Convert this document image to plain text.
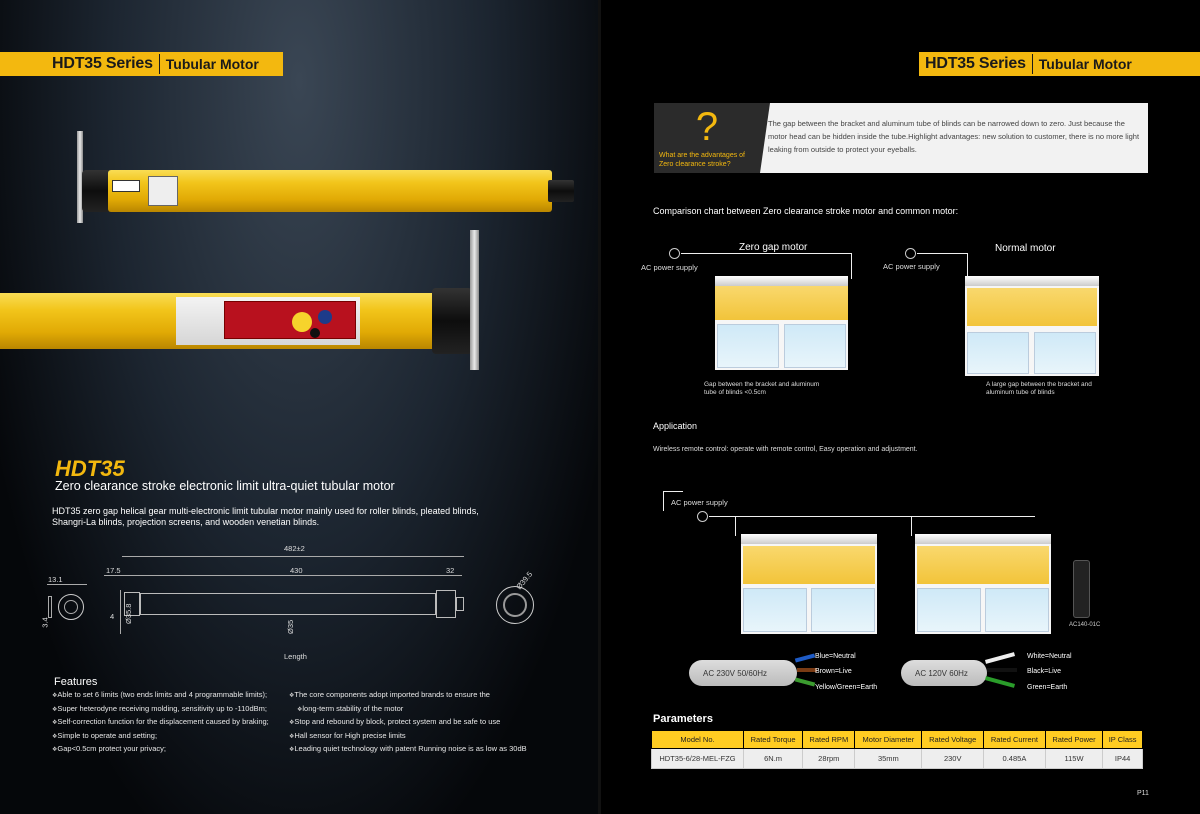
HDT35 Series Tubular Motor
HDT35
Zero clearance stroke electronic limit ultra-quiet tubular motor
HDT35 zero gap helical gear multi-electronic limit tubular motor mainly used for roller blinds, pleated blinds, Shangri-La blinds, projection screens, and wooden venetian blinds.
482±2
17.5	430	32
13.1
3.4
4 Ø35.8
Ø35
Length
Ø39.5
Features
❖ Able to set 6 limits (two ends limits and 4 programmable limits);
❖ Super heterodyne receiving molding, sensitivity up to -110dBm;
❖ Self-correction function for the displacement caused by braking;
❖ Simple to operate and setting;
❖ Gap<0.5cm protect your privacy;
❖ The core components adopt imported brands to ensure the
❖ long-term stability of the motor
❖ Stop and rebound by block, protect system and be safe to use
❖ Hall sensor for High precise limits
❖ Leading quiet technology with patent Running noise is as low as 30dB
HDT35 Series Tubular Motor
?
What are the advantages of Zero clearance stroke?
The gap between the bracket and aluminum tube of blinds can be narrowed down to zero. Just because the motor head can be hidden inside the tube.Highlight advantages: new solution to customer, there is no more light leaking from outside to protect your eyeballs.
Comparison chart between Zero clearance stroke motor and common motor:
Zero gap motor
AC power supply
Gap between the bracket and aluminum tube of blinds <0.5cm
Normal motor
AC power supply
A large gap between the bracket and aluminum tube of blinds
Application
Wireless remote control: operate with remote control, Easy operation and adjustment.
AC power supply
AC140-01C
AC 230V 50/60Hz
Blue=Neutral
Brown=Live
Yellow/Green=Earth
AC 120V 60Hz
White=Neutral
Black=Live
Green=Earth
Parameters
Model No.	Rated Torque	Rated RPM	Motor Diameter	Rated Voltage	Rated Current	Rated Power	IP Class
HDT35-6/28-MEL-FZG	6N.m	28rpm	35mm	230V	0.485A	115W	IP44
P11
